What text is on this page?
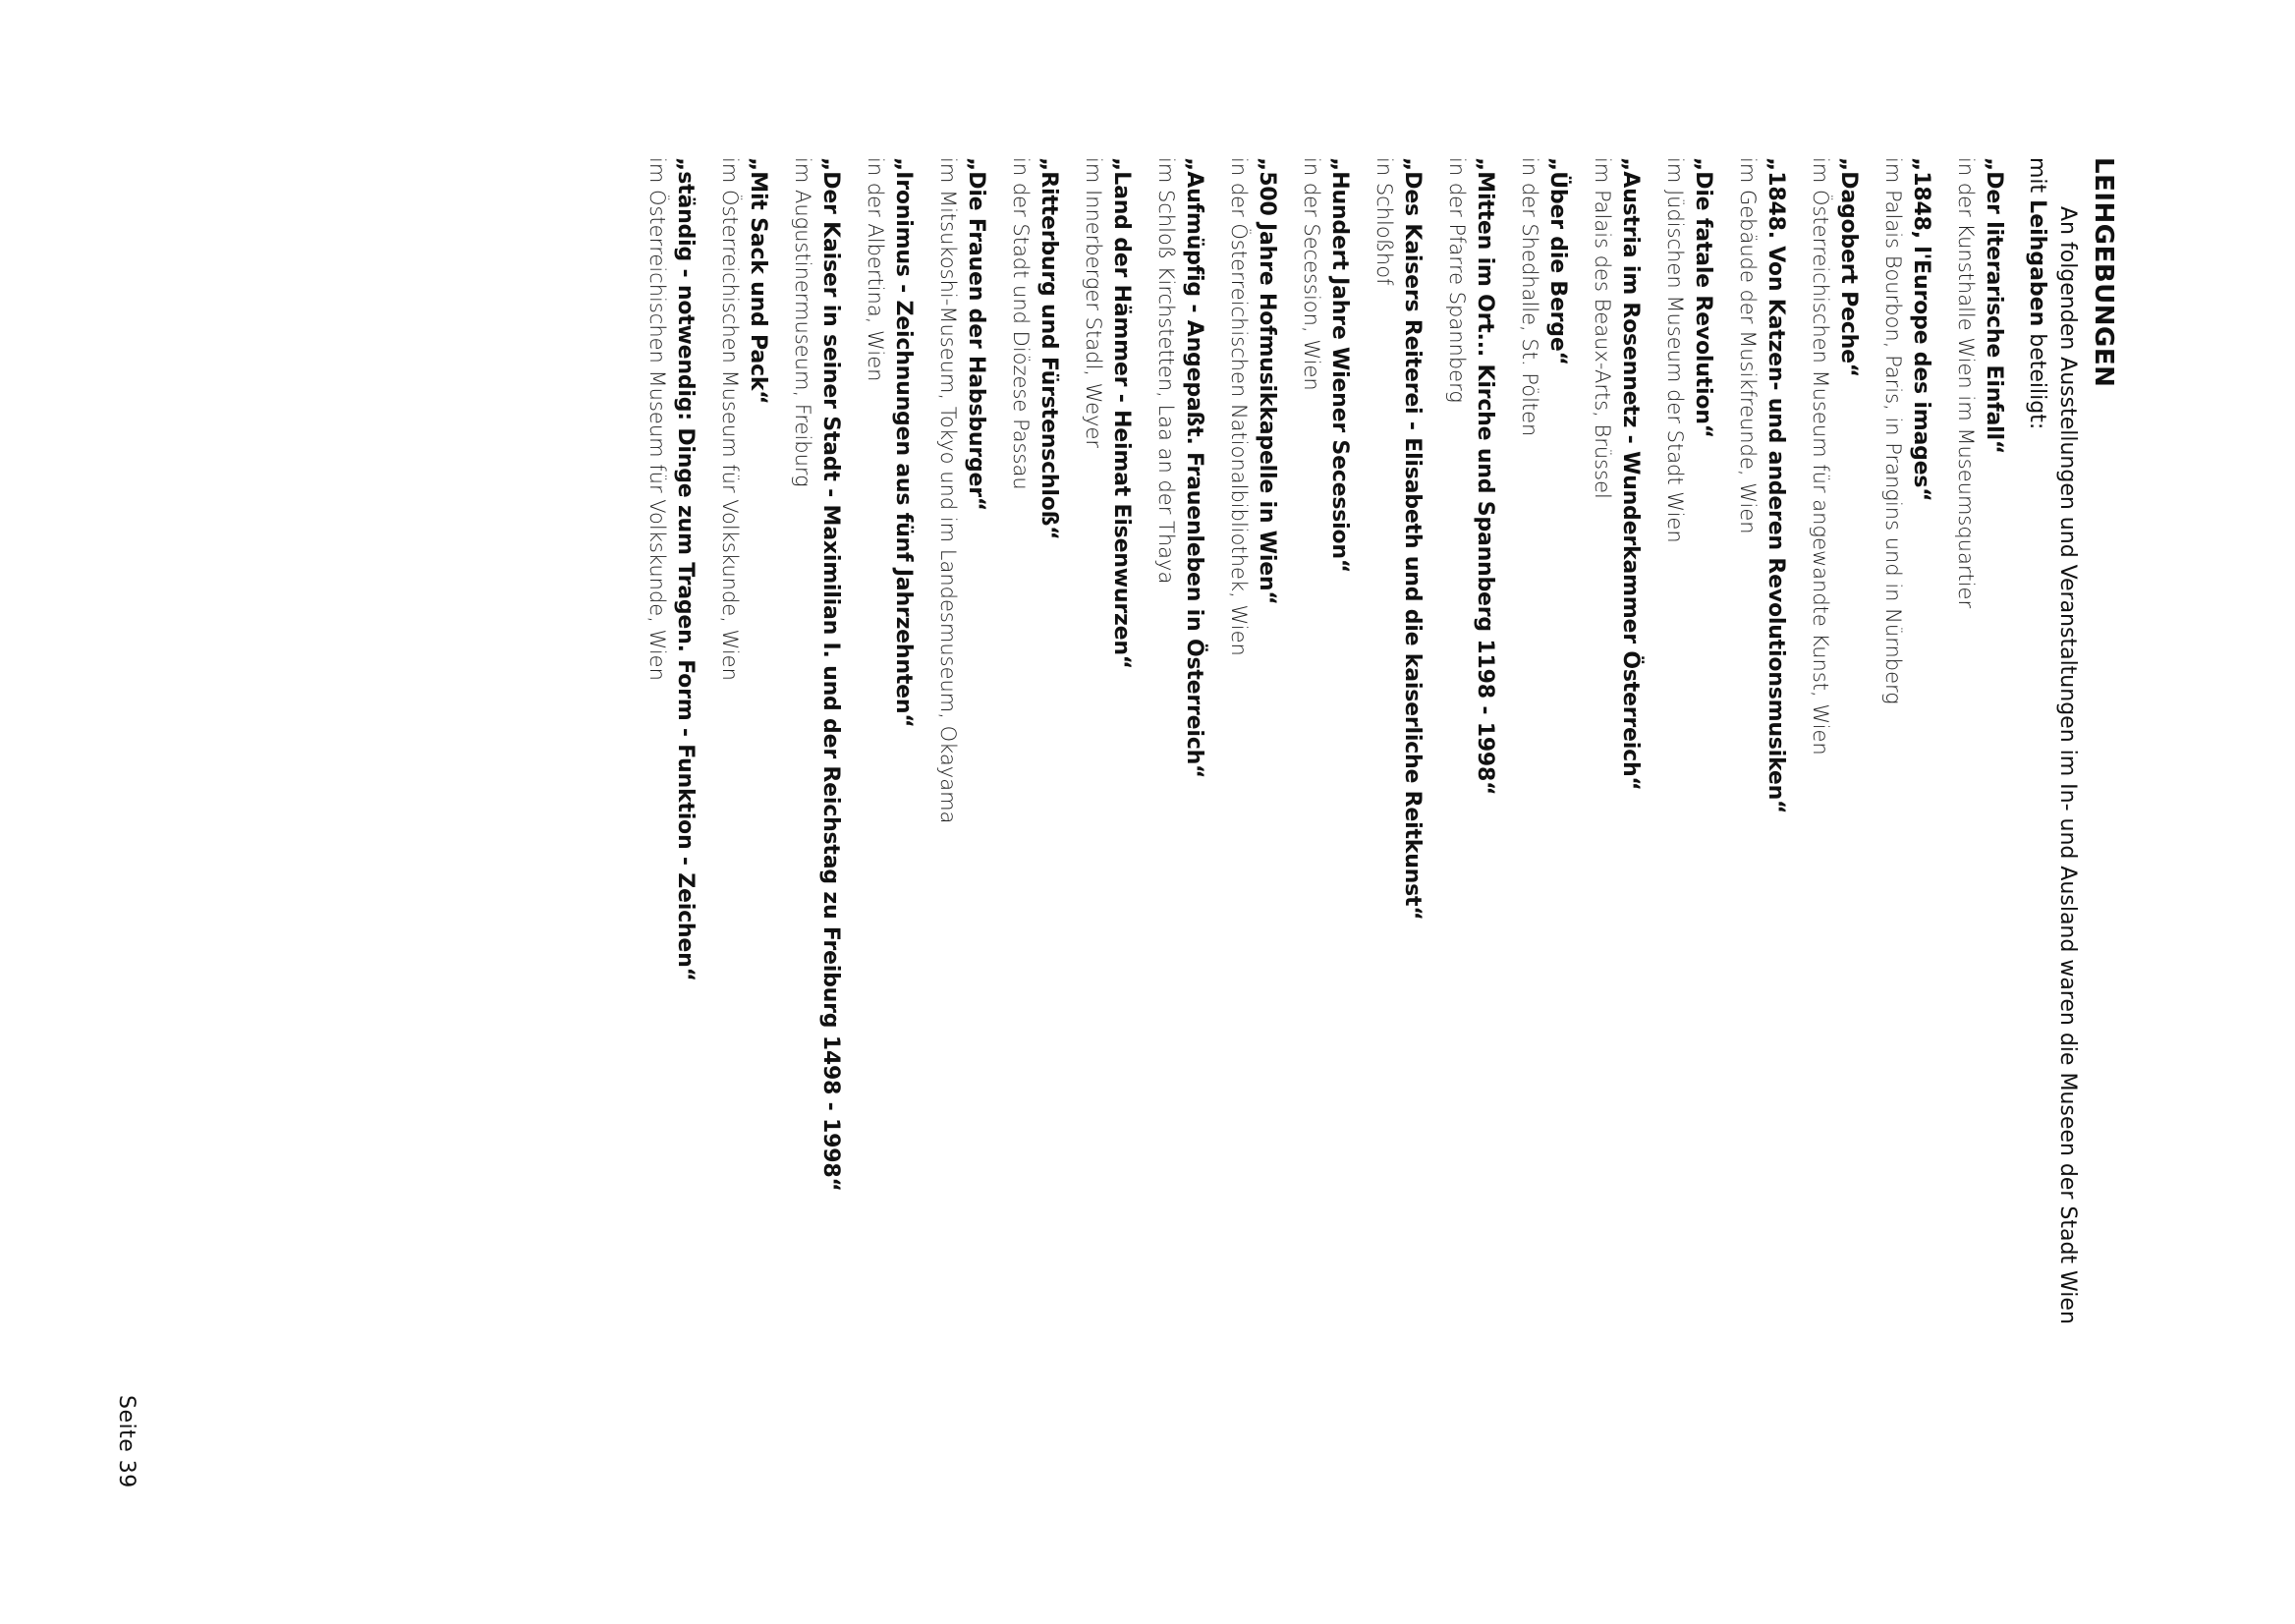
LEIHGEBUNGEN
An folgenden Ausstellungen und Veranstaltungen im In- und Ausland waren die Museen der Stadt Wien
mit Leihgaben beteiligt:
„Der literarische Einfall“
in der Kunsthalle Wien im Museumsquartier
„1848, l'Europe des images“
im Palais Bourbon, Paris, in Prangins und in Nürnberg
„Dagobert Peche“
im Österreichischen Museum für angewandte Kunst, Wien
„1848. Von Katzen- und anderen Revolutionsmusiken“
im Gebäude der Musikfreunde, Wien
„Die fatale Revolution“
im Jüdischen Museum der Stadt Wien
„Austria im Rosennetz - Wunderkammer Österreich“
im Palais des Beaux-Arts, Brüssel
„Über die Berge“
in der Shedhalle, St. Pölten
„Mitten im Ort... Kirche und Spannberg 1198 - 1998“
in der Pfarre Spannberg
„Des Kaisers Reiterei - Elisabeth und die kaiserliche Reitkunst“
in Schloßhof
„Hundert Jahre Wiener Secession“
in der Secession, Wien
„500 Jahre Hofmusikkapelle in Wien“
in der Österreichischen Nationalbibliothek, Wien
„Aufmüpfig - Angepaßt. Frauenleben in Österreich“
im Schloß Kirchstetten, Laa an der Thaya
„Land der Hämmer - Heimat Eisenwurzen“
im Innerberger Stadl, Weyer
„Ritterburg und Fürstenschloß“
in der Stadt und Diözese Passau
„Die Frauen der Habsburger“
im Mitsukoshi-Museum, Tokyo und im Landesmuseum, Okayama
„Ironimus - Zeichnungen aus fünf Jahrzehnten“
in der Albertina, Wien
„Der Kaiser in seiner Stadt - Maximilian I. und der Reichstag zu Freiburg 1498 - 1998“
im Augustinermuseum, Freiburg
„Mit Sack und Pack“
im Österreichischen Museum für Volkskunde, Wien
„ständig - notwendig: Dinge zum Tragen. Form - Funktion - Zeichen“
im Österreichischen Museum für Volkskunde, Wien
Seite 39
